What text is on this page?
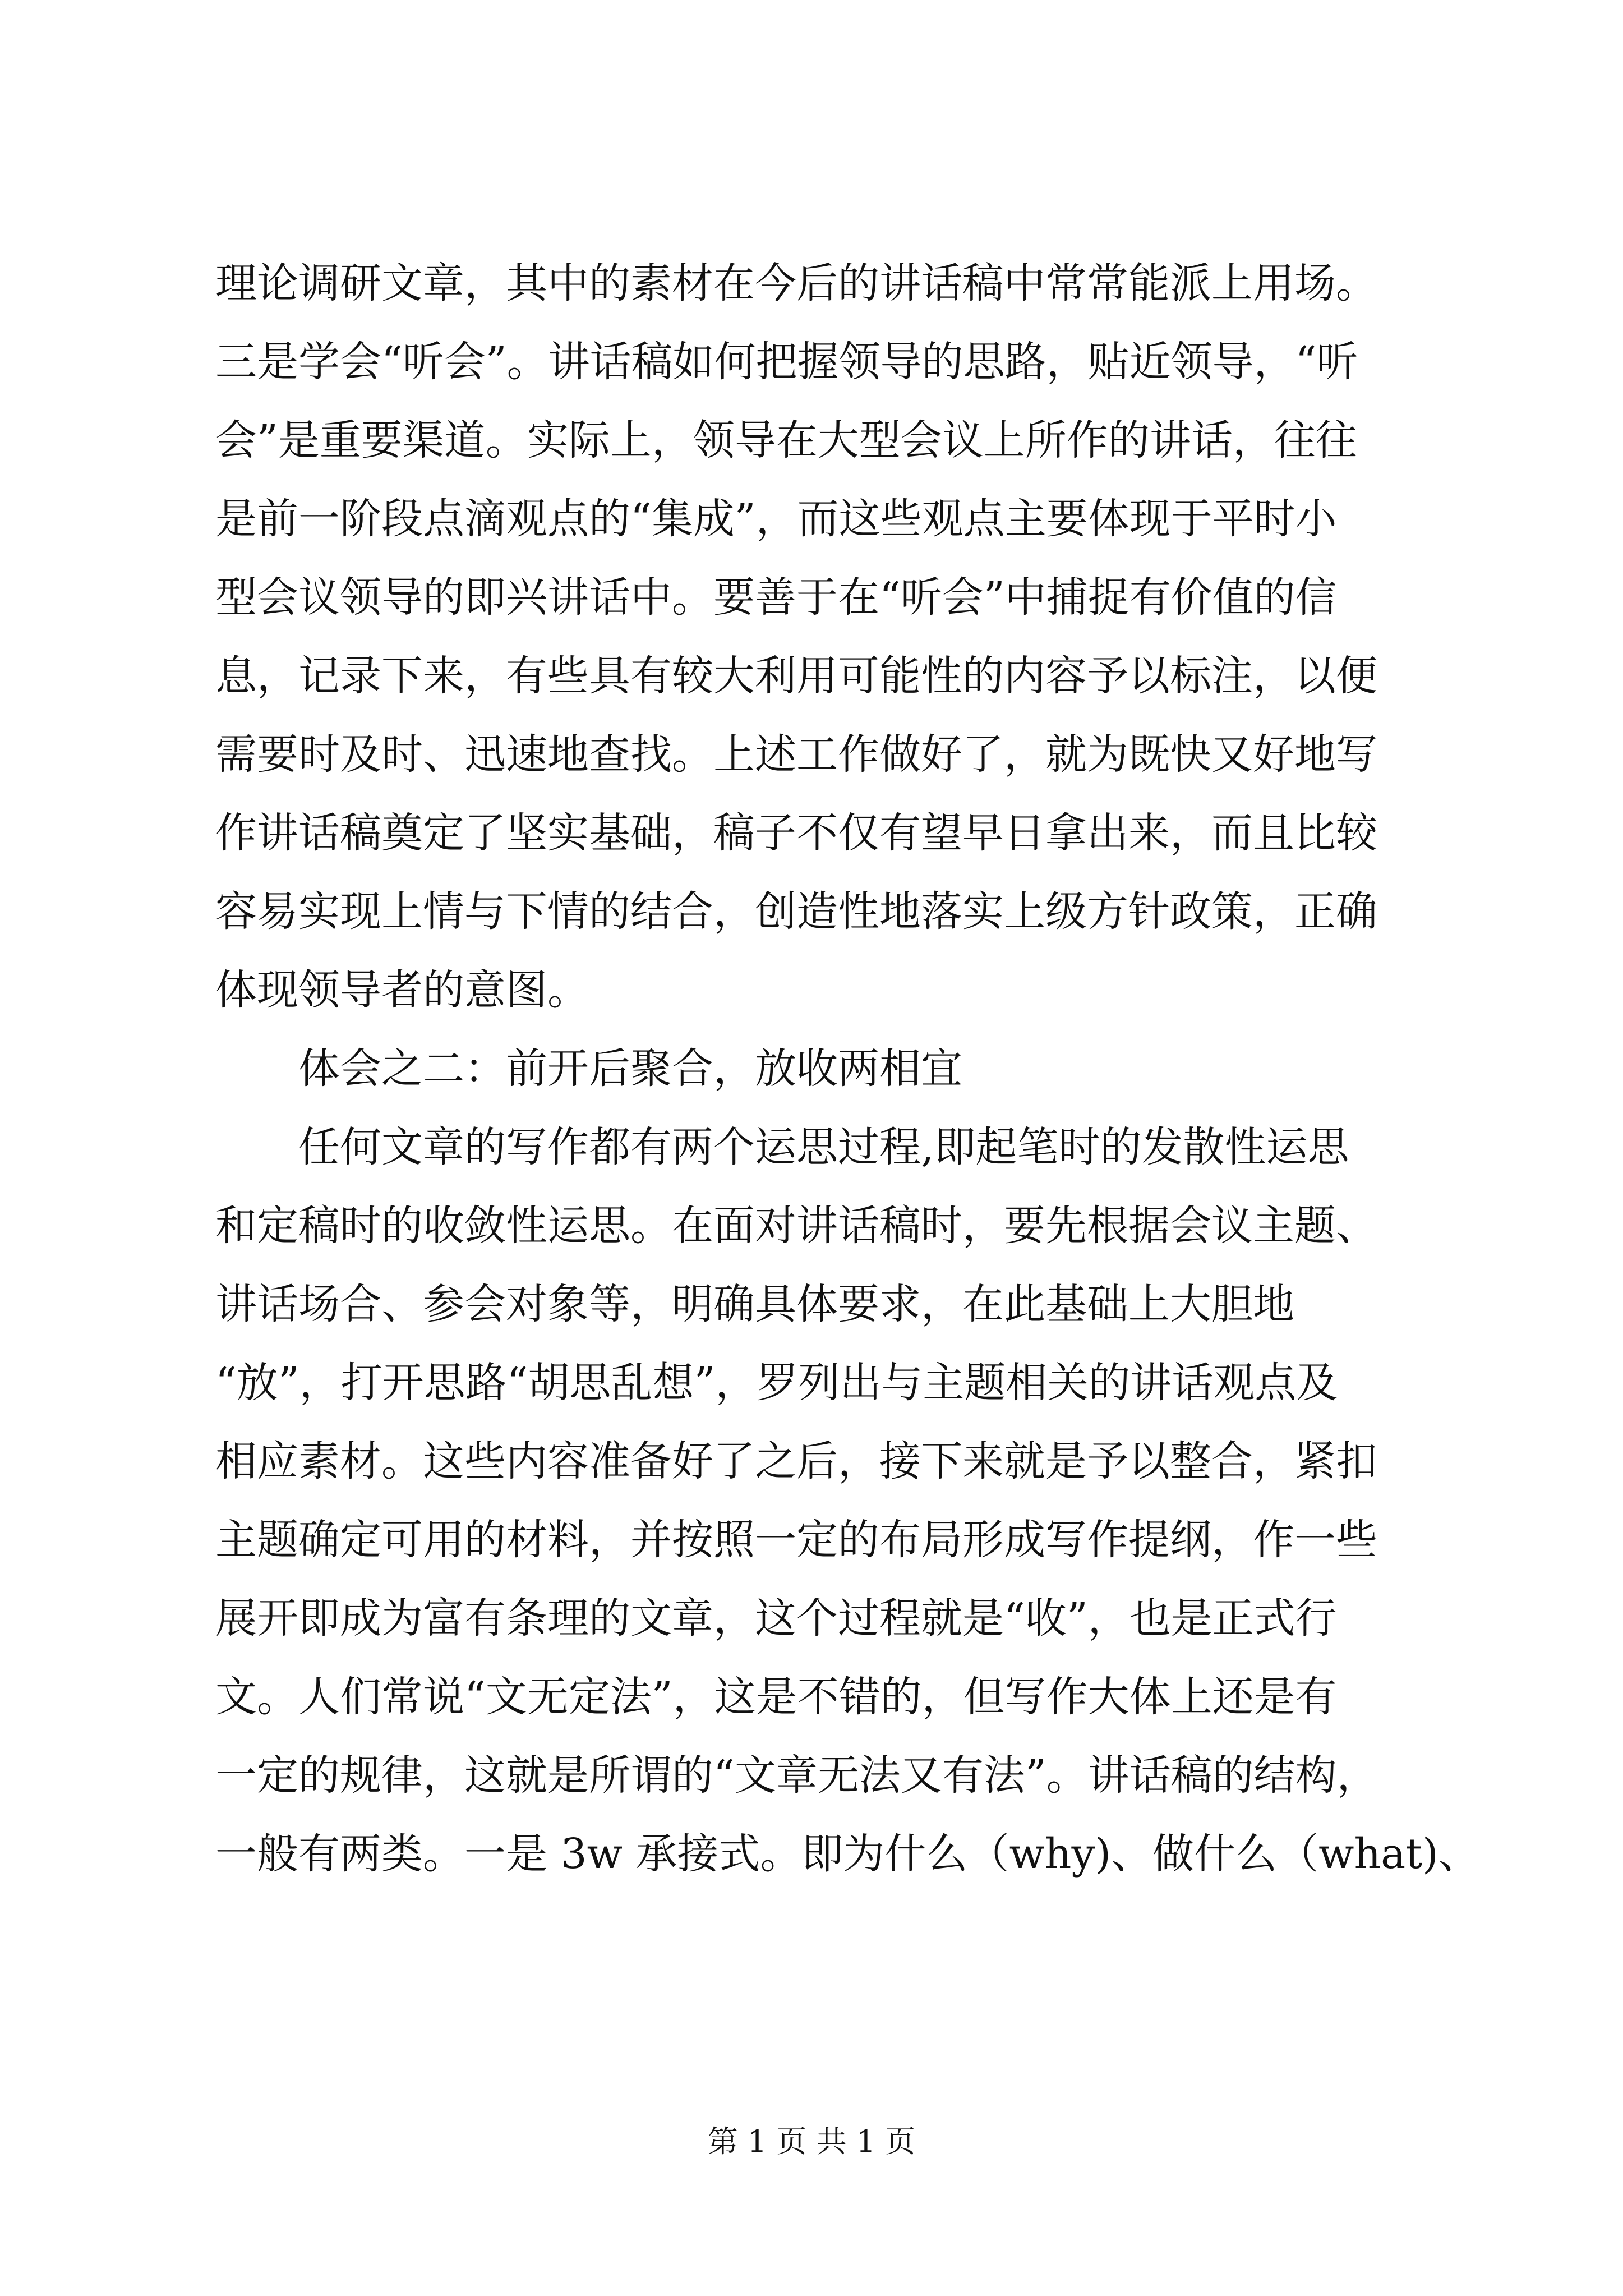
理论调研文章，其中的素材在今后的讲话稿中常常能派上用场。
三是学会“听会”。讲话稿如何把握领导的思路，贴近领导，“听
会”是重要渠道。实际上，领导在大型会议上所作的讲话，往往
是前一阶段点滴观点的“集成”，而这些观点主要体现于平时小
型会议领导的即兴讲话中。要善于在“听会”中捕捉有价值的信
息，记录下来，有些具有较大利用可能性的内容予以标注，以便
需要时及时、迅速地查找。上述工作做好了，就为既快又好地写
作讲话稿奠定了坚实基础，稿子不仅有望早日拿出来，而且比较
容易实现上情与下情的结合，创造性地落实上级方针政策，正确
体现领导者的意图。
体会之二：前开后聚合，放收两相宜
任何文章的写作都有两个运思过程,即起笔时的发散性运思
和定稿时的收敛性运思。在面对讲话稿时，要先根据会议主题、
讲话场合、参会对象等，明确具体要求，在此基础上大胆地
“放”，打开思路“胡思乱想”，罗列出与主题相关的讲话观点及
相应素材。这些内容准备好了之后，接下来就是予以整合，紧扣
主题确定可用的材料，并按照一定的布局形成写作提纲，作一些
展开即成为富有条理的文章，这个过程就是“收”，也是正式行
文。人们常说“文无定法”，这是不错的，但写作大体上还是有
一定的规律，这就是所谓的“文章无法又有法”。讲话稿的结构，
一般有两类。一是 3w 承接式。即为什么（why)、做什么（what)、
第 1 页 共 1 页
